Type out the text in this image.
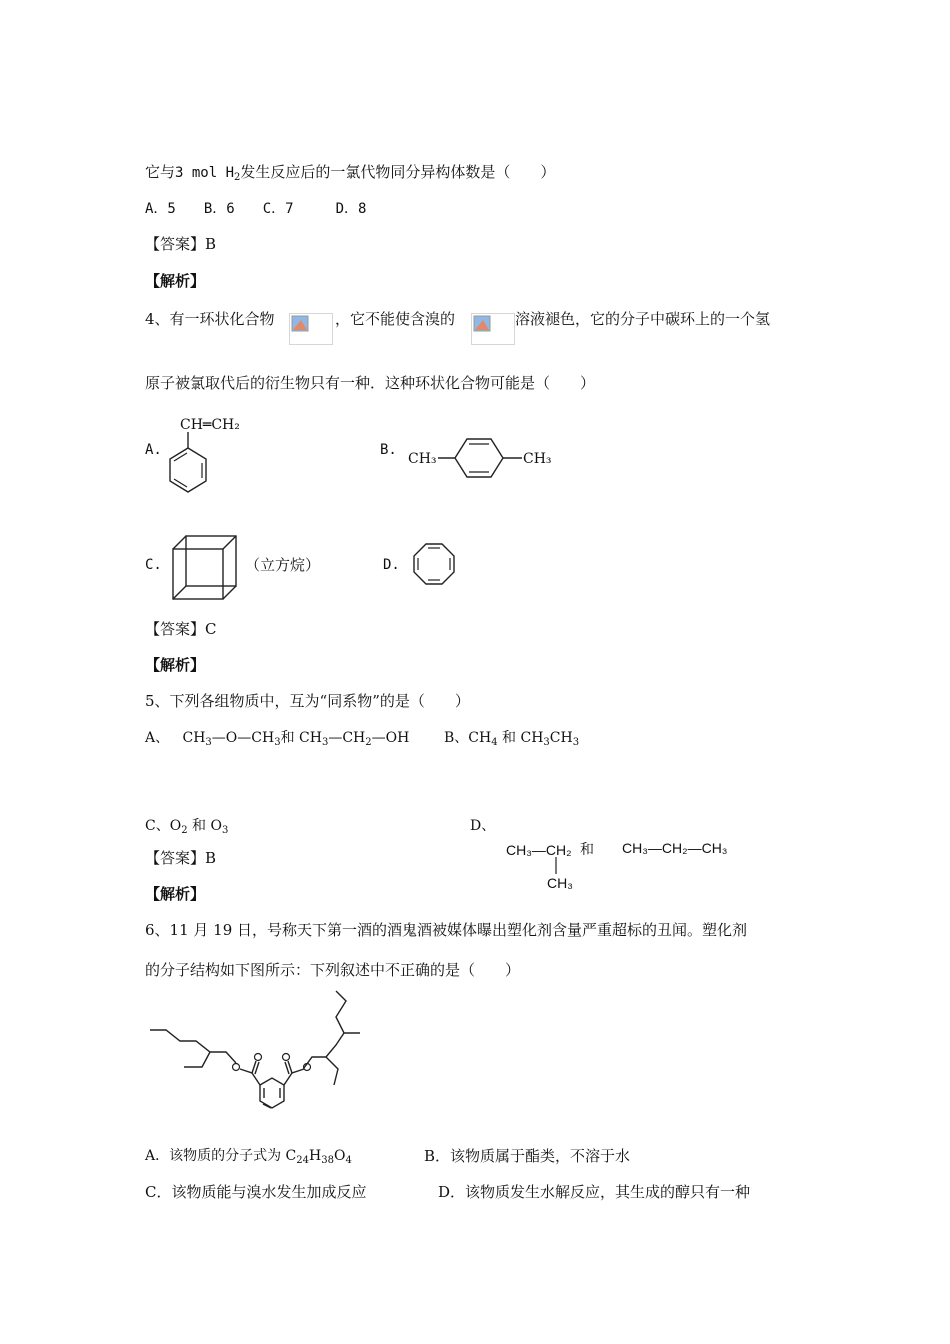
它与3 mol $H_2$发生反应后的一氯代物同分异构体数是（　　）
A．5　　B．6　　C．7　　　D．8
【答案】B
【解析】
4、有一环状化合物	，它不能使含溴的	溶液褪色，它的分子中碳环上的一个氢
原子被氯取代后的衍生物只有一种．这种环状化合物可能是（　　）
A.
CH═CH₂
B.
CH₃	CH₃
C.	（立方烷）	D.
【答案】C
【解析】
5、下列各组物质中，互为“同系物”的是（　　）
A、 $CH_3—O—CH_3$和 $CH_3—CH_2—OH$ B、$CH_4$ 和 $CH_3CH_3$
C、$O_2$ 和 $O_3$	D、
CH₃—CH₂
CH₃
和 CH₃—CH₂—CH₃
【答案】B
【解析】
6、11 月 19 日，号称天下第一酒的酒鬼酒被媒体曝出塑化剂含量严重超标的丑闻。塑化剂
的分子结构如下图所示：下列叙述中不正确的是（　　）
A．该物质的分子式为 $C_{24}H_{38}O_4$	B．该物质属于酯类，不溶于水
C．该物质能与溴水发生加成反应	D．该物质发生水解反应，其生成的醇只有一种
